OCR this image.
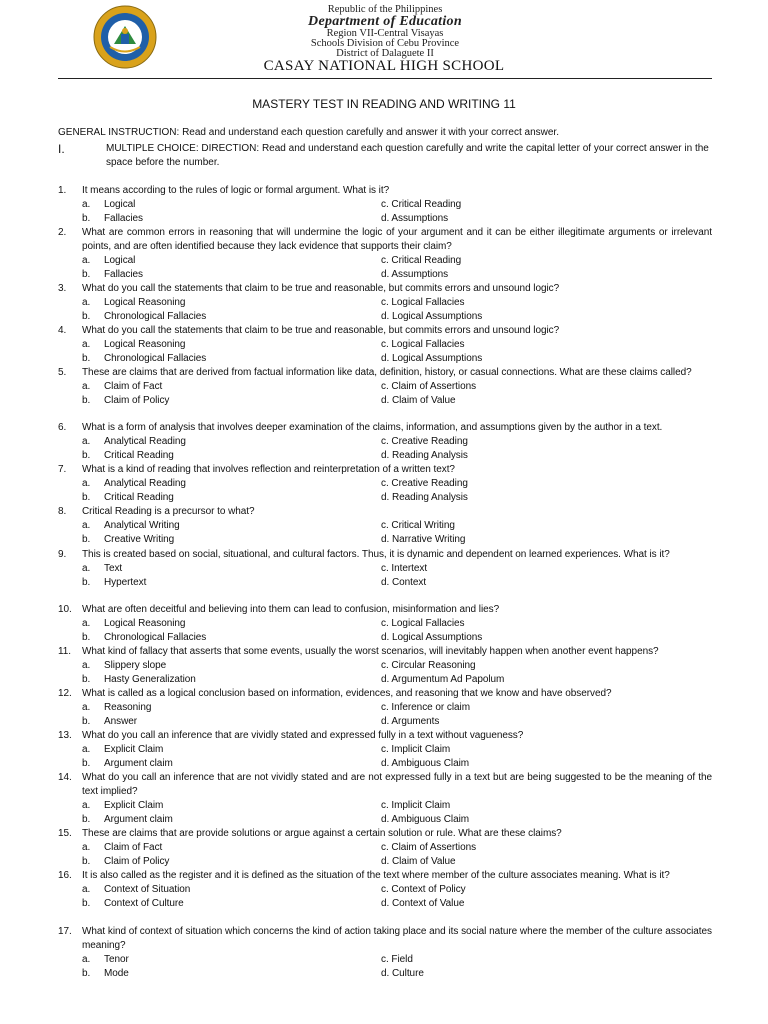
Republic of the Philippines
Department of Education
Region VII-Central Visayas
Schools Division of Cebu Province
District of Dalaguete II
CASAY NATIONAL HIGH SCHOOL
MASTERY TEST IN READING AND WRITING 11
GENERAL INSTRUCTION: Read and understand each question carefully and answer it with your correct answer.
I.	MULTIPLE CHOICE: DIRECTION: Read and understand each question carefully and write the capital letter of your correct answer in the space before the number.
1.	It means according to the rules of logic or formal argument. What is it?
a.	Logical	c. Critical Reading
b.	Fallacies	d. Assumptions
2.	What are common errors in reasoning that will undermine the logic of your argument and it can be either illegitimate arguments or irrelevant points, and are often identified because they lack evidence that supports their claim?
a.	Logical	c. Critical Reading
b.	Fallacies	d. Assumptions
3.	What do you call the statements that claim to be true and reasonable, but commits errors and unsound logic?
a.	Logical Reasoning	c. Logical Fallacies
b.	Chronological Fallacies	d. Logical Assumptions
4.	What do you call the statements that claim to be true and reasonable, but commits errors and unsound logic?
a.	Logical Reasoning	c. Logical Fallacies
b.	Chronological Fallacies	d. Logical Assumptions
5.	These are claims that are derived from factual information like data, definition, history, or casual connections. What are these claims called?
a.	Claim of Fact	c. Claim of Assertions
b.	Claim of Policy	d. Claim of Value
6.	What is a form of analysis that involves deeper examination of the claims, information, and assumptions given by the author in a text.
a.	Analytical Reading	c. Creative Reading
b.	Critical Reading	d. Reading Analysis
7.	What is a kind of reading that involves reflection and reinterpretation of a written text?
a.	Analytical Reading	c. Creative Reading
b.	Critical Reading	d. Reading Analysis
8.	Critical Reading is a precursor to what?
a.	Analytical Writing	c. Critical Writing
b.	Creative Writing	d. Narrative Writing
9.	This is created based on social, situational, and cultural factors. Thus, it is dynamic and dependent on learned experiences. What is it?
a.	Text	c. Intertext
b.	Hypertext	d. Context
10.	What are often deceitful and believing into them can lead to confusion, misinformation and lies?
a.	Logical Reasoning	c. Logical Fallacies
b.	Chronological Fallacies	d. Logical Assumptions
11.	What kind of fallacy that asserts that some events, usually the worst scenarios, will inevitably happen when another event happens?
a.	Slippery slope	c. Circular Reasoning
b.	Hasty Generalization	d. Argumentum Ad Papolum
12.	What is called as a logical conclusion based on information, evidences, and reasoning that we know and have observed?
a.	Reasoning	c. Inference or claim
b.	Answer	d. Arguments
13.	What do you call an inference that are vividly stated and expressed fully in a text without vagueness?
a.	Explicit Claim	c. Implicit Claim
b.	Argument claim	d. Ambiguous Claim
14.	What do you call an inference that are not vividly stated and are not expressed fully in a text but are being suggested to be the meaning of the text implied?
a.	Explicit Claim	c. Implicit Claim
b.	Argument claim	d. Ambiguous Claim
15.	These are claims that are provide solutions or argue against a certain solution or rule. What are these claims?
a.	Claim of Fact	c. Claim of Assertions
b.	Claim of Policy	d. Claim of Value
16.	It is also called as the register and it is defined as the situation of the text where member of the culture associates meaning. What is it?
a.	Context of Situation	c. Context of Policy
b.	Context of Culture	d. Context of Value
17.	What kind of context of situation which concerns the kind of action taking place and its social nature where the member of the culture associates meaning?
a.	Tenor	c. Field
b.	Mode	d. Culture
